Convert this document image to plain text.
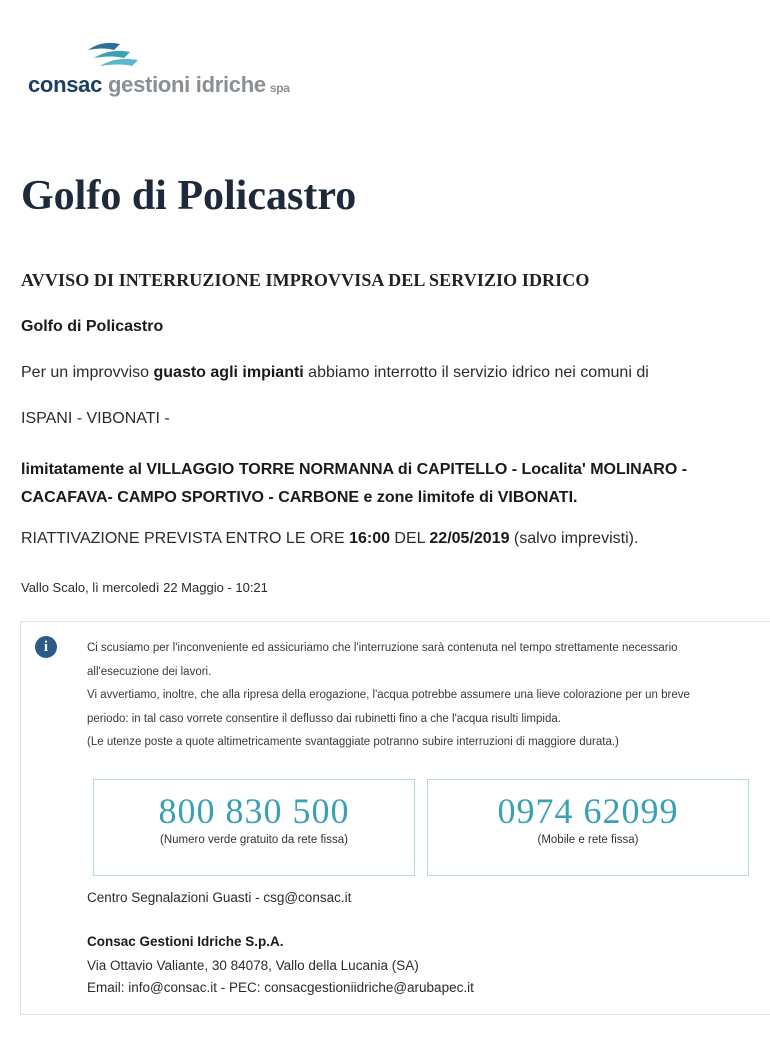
consac gestioni idriche spa
Golfo di Policastro
AVVISO DI INTERRUZIONE IMPROVVISA DEL SERVIZIO IDRICO
Golfo di Policastro
Per un improvviso guasto agli impianti abbiamo interrotto il servizio idrico nei comuni di
ISPANI - VIBONATI -
limitatamente al VILLAGGIO TORRE NORMANNA di CAPITELLO - Localita' MOLINARO -
CACAFAVA- CAMPO SPORTIVO - CARBONE e zone limitofe di VIBONATI.
RIATTIVAZIONE PREVISTA ENTRO LE ORE 16:00 DEL 22/05/2019 (salvo imprevisti).
Vallo Scalo, lì mercoledì 22 Maggio - 10:21
i	Ci scusiamo per l'inconveniente ed assicuriamo che l'interruzione sarà contenuta nel tempo strettamente necessario
all'esecuzione dei lavori.
Vi avvertiamo, inoltre, che alla ripresa della erogazione, l'acqua potrebbe assumere una lieve colorazione per un breve
periodo: in tal caso vorrete consentire il deflusso dai rubinetti fino a che l'acqua risulti limpida.
(Le utenze poste a quote altimetricamente svantaggiate potranno subire interruzioni di maggiore durata.)
800 830 500
(Numero verde gratuito da rete fissa)
0974 62099
(Mobile e rete fissa)
Centro Segnalazioni Guasti - csg@consac.it
Consac Gestioni Idriche S.p.A.
Via Ottavio Valiante, 30 84078, Vallo della Lucania (SA)
Email: info@consac.it - PEC: consacgestioniidriche@arubapec.it
